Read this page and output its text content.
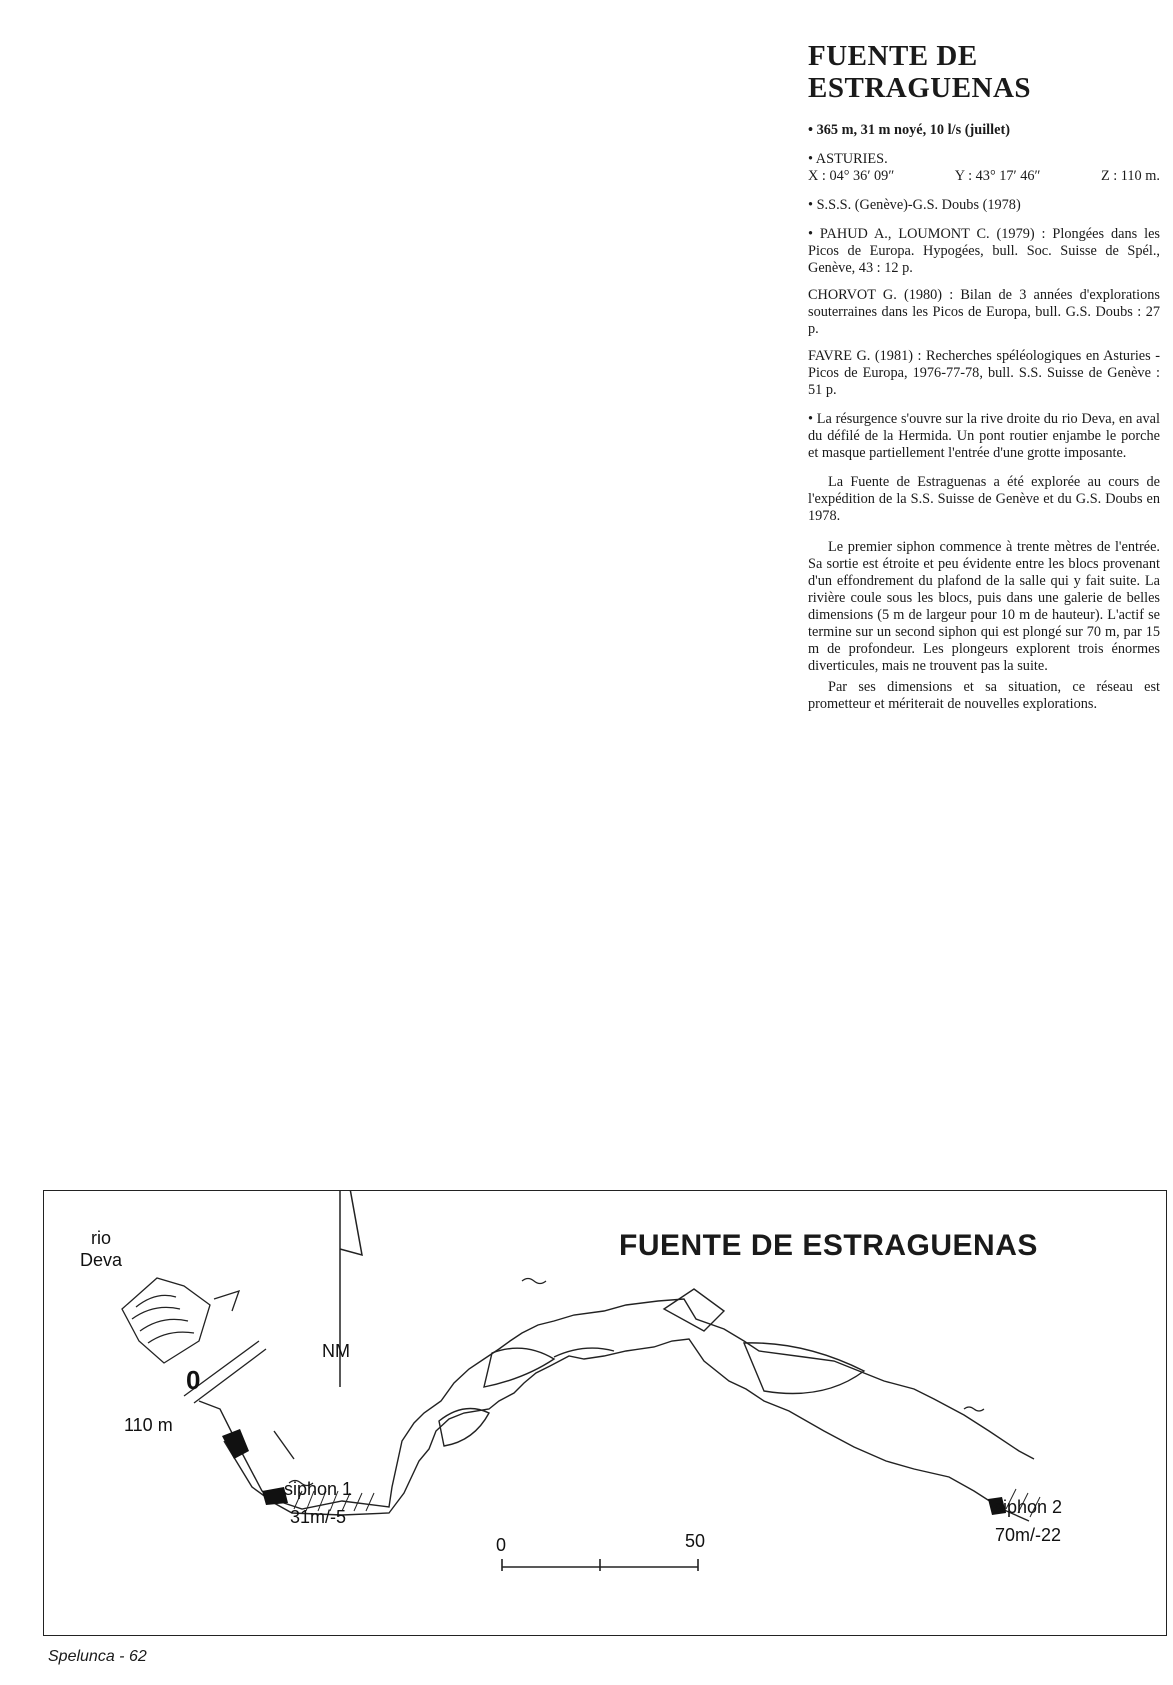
FUENTE DE
ESTRAGUENAS
• 365 m, 31 m noyé, 10 l/s (juillet)
• ASTURIES.
X : 04° 36′ 09″	Y : 43° 17′ 46″	Z : 110 m.
• S.S.S. (Genève)-G.S. Doubs (1978)
• PAHUD A., LOUMONT C. (1979) : Plongées dans les Picos de Europa. Hypogées, bull. Soc. Suisse de Spél., Genève, 43 : 12 p.
CHORVOT G. (1980) : Bilan de 3 années d'explorations souterraines dans les Picos de Europa, bull. G.S. Doubs : 27 p.
FAVRE G. (1981) : Recherches spéléologiques en Asturies - Picos de Europa, 1976-77-78, bull. S.S. Suisse de Genève : 51 p.
• La résurgence s'ouvre sur la rive droite du rio Deva, en aval du défilé de la Hermida. Un pont routier enjambe le porche et masque partiellement l'entrée d'une grotte imposante.
La Fuente de Estraguenas a été explorée au cours de l'expédition de la S.S. Suisse de Genève et du G.S. Doubs en 1978.
Le premier siphon commence à trente mètres de l'entrée. Sa sortie est étroite et peu évidente entre les blocs provenant d'un effondrement du plafond de la salle qui y fait suite. La rivière coule sous les blocs, puis dans une galerie de belles dimensions (5 m de largeur pour 10 m de hauteur). L'actif se termine sur un second siphon qui est plongé sur 70 m, par 15 m de profondeur. Les plongeurs explorent trois énormes diverticules, mais ne trouvent pas la suite.
Par ses dimensions et sa situation, ce réseau est prometteur et mériterait de nouvelles explorations.
FUENTE DE ESTRAGUENAS
rio
Deva
0
110 m
NM
siphon 1
31m/-5
0	50
siphon 2
70m/-22
Spelunca - 62
